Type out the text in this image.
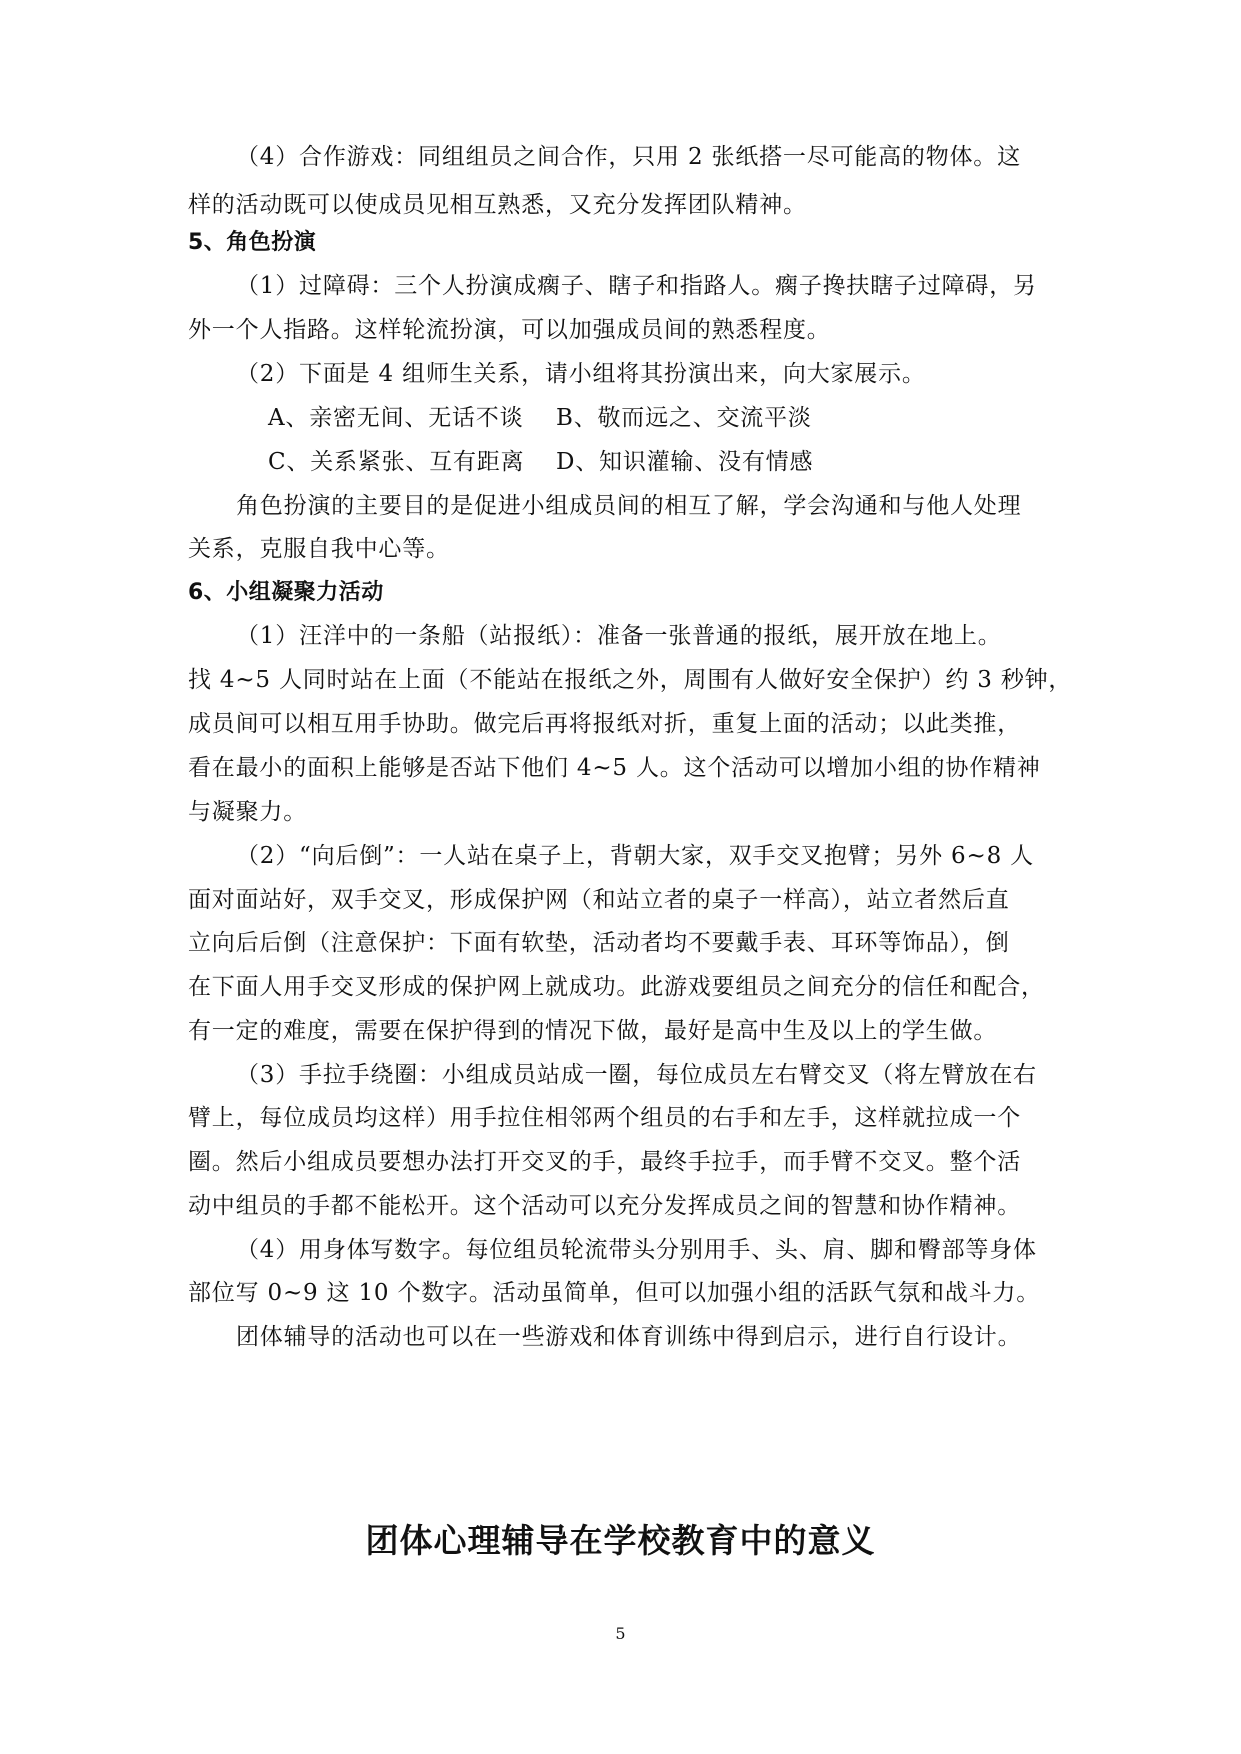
（4）合作游戏：同组组员之间合作，只用 2 张纸搭一尽可能高的物体。这
样的活动既可以使成员见相互熟悉，又充分发挥团队精神。
5、角色扮演
（1）过障碍：三个人扮演成瘸子、瞎子和指路人。瘸子搀扶瞎子过障碍，另
外一个人指路。这样轮流扮演，可以加强成员间的熟悉程度。
（2）下面是 4 组师生关系，请小组将其扮演出来，向大家展示。
A、亲密无间、无话不谈 B、敬而远之、交流平淡
C、关系紧张、互有距离 D、知识灌输、没有情感
角色扮演的主要目的是促进小组成员间的相互了解，学会沟通和与他人处理
关系，克服自我中心等。
6、小组凝聚力活动
（1）汪洋中的一条船（站报纸）：准备一张普通的报纸，展开放在地上。
找 4~5 人同时站在上面（不能站在报纸之外，周围有人做好安全保护）约 3 秒钟，
成员间可以相互用手协助。做完后再将报纸对折，重复上面的活动；以此类推，
看在最小的面积上能够是否站下他们 4~5 人。这个活动可以增加小组的协作精神
与凝聚力。
（2）“向后倒”：一人站在桌子上，背朝大家，双手交叉抱臂；另外 6~8 人
面对面站好，双手交叉，形成保护网（和站立者的桌子一样高），站立者然后直
立向后后倒（注意保护：下面有软垫，活动者均不要戴手表、耳环等饰品），倒
在下面人用手交叉形成的保护网上就成功。此游戏要组员之间充分的信任和配合，
有一定的难度，需要在保护得到的情况下做，最好是高中生及以上的学生做。
（3）手拉手绕圈：小组成员站成一圈，每位成员左右臂交叉（将左臂放在右
臂上，每位成员均这样）用手拉住相邻两个组员的右手和左手，这样就拉成一个
圈。然后小组成员要想办法打开交叉的手，最终手拉手，而手臂不交叉。整个活
动中组员的手都不能松开。这个活动可以充分发挥成员之间的智慧和协作精神。
（4）用身体写数字。每位组员轮流带头分别用手、头、肩、脚和臀部等身体
部位写 0~9 这 10 个数字。活动虽简单，但可以加强小组的活跃气氛和战斗力。
团体辅导的活动也可以在一些游戏和体育训练中得到启示，进行自行设计。
团体心理辅导在学校教育中的意义
5
